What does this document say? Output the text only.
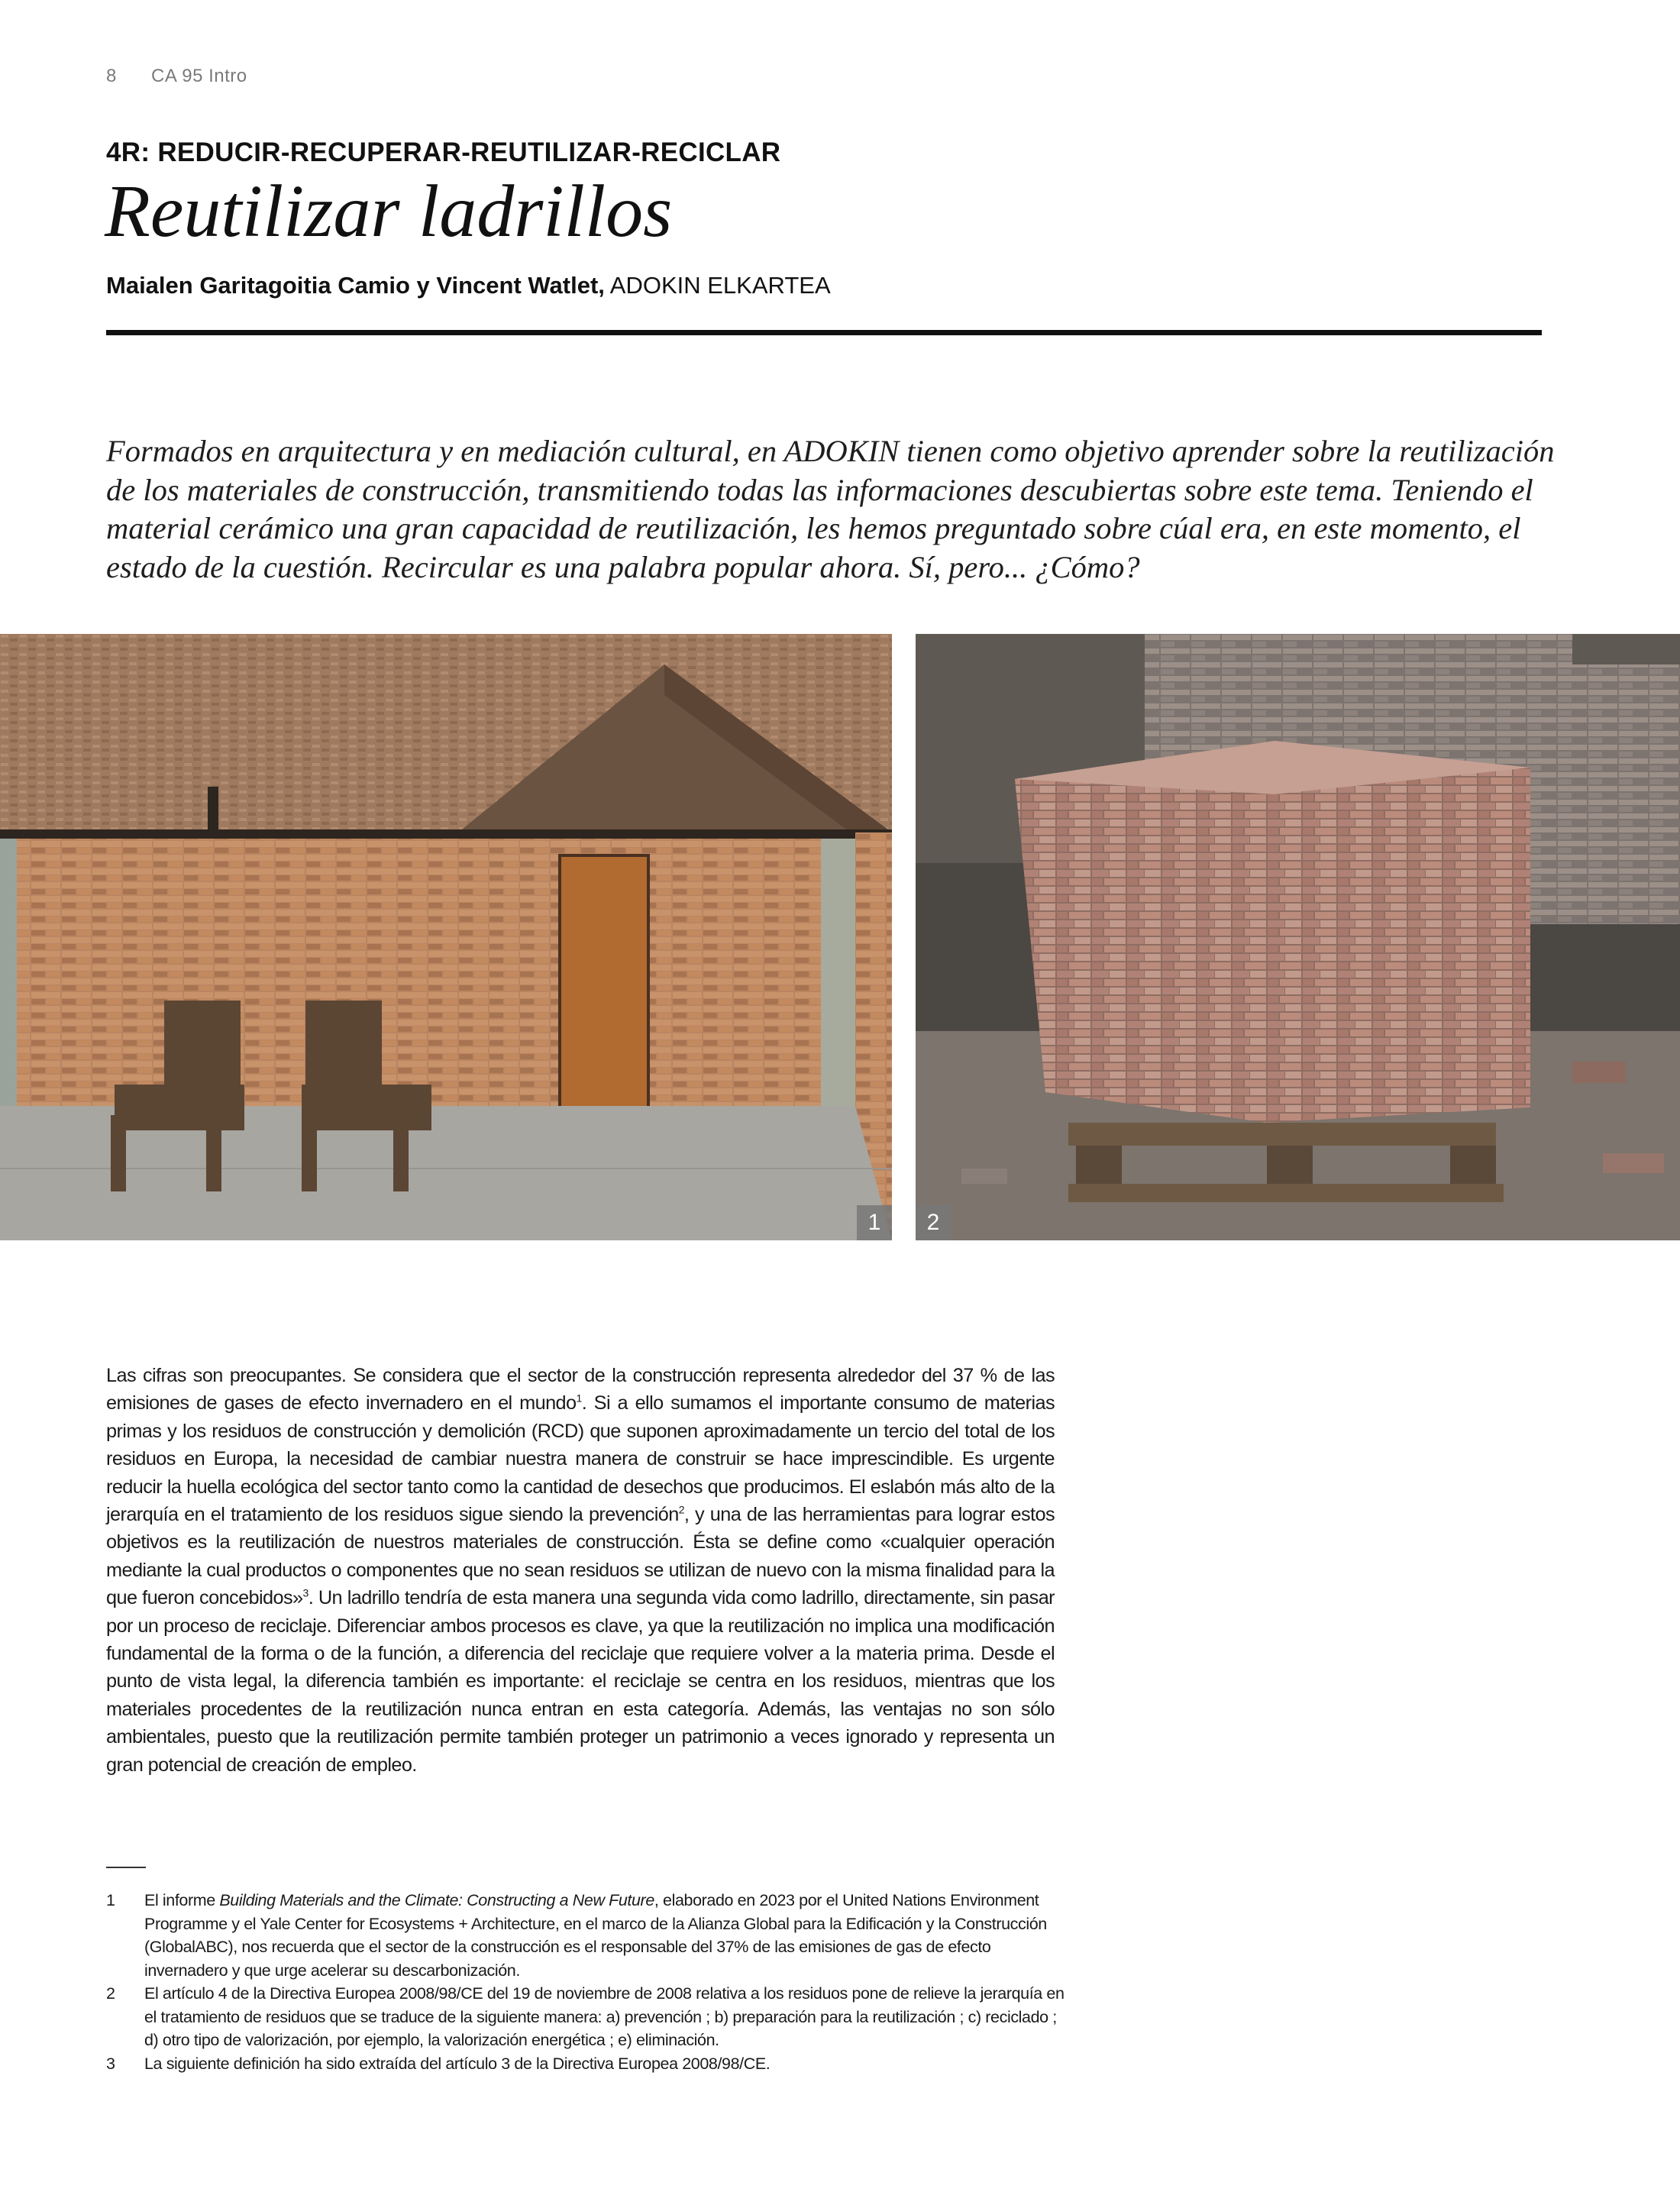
8 CA 95 Intro
4R: REDUCIR-RECUPERAR-REUTILIZAR-RECICLAR
Reutilizar ladrillos
Maialen Garitagoitia Camio y Vincent Watlet, ADOKIN ELKARTEA
Formados en arquitectura y en mediación cultural, en ADOKIN tienen como objetivo aprender sobre la reutilización de los materiales de construcción, transmitiendo todas las informaciones descubiertas sobre este tema. Teniendo el material cerámico una gran capacidad de reutilización, les hemos preguntado sobre cúal era, en este momento, el estado de la cuestión. Recircular es una palabra popular ahora. Sí, pero... ¿Cómo?
1	2
Las cifras son preocupantes. Se considera que el sector de la construcción representa alrededor del 37 % de las emisiones de gases de efecto invernadero en el mundo$^1$. Si a ello sumamos el importante consumo de materias primas y los residuos de construcción y demolición (RCD) que suponen aproximadamente un tercio del total de los residuos en Europa, la necesidad de cambiar nuestra manera de construir se hace imprescindible. Es urgente reducir la huella ecológica del sector tanto como la cantidad de desechos que producimos. El eslabón más alto de la jerarquía en el tratamiento de los residuos sigue siendo la prevención$^2$, y una de las herramientas para lograr estos objetivos es la reutilización de nuestros materiales de construcción. Ésta se define como «cualquier operación mediante la cual productos o componentes que no sean residuos se utilizan de nuevo con la misma finalidad para la que fueron concebidos»$^3$. Un ladrillo tendría de esta manera una segunda vida como ladrillo, directamente, sin pasar por un proceso de reciclaje. Diferenciar ambos procesos es clave, ya que la reutilización no implica una modificación fundamental de la forma o de la función, a diferencia del reciclaje que requiere volver a la materia prima. Desde el punto de vista legal, la diferencia también es importante: el reciclaje se centra en los residuos, mientras que los materiales procedentes de la reutilización nunca entran en esta categoría. Además, las ventajas no son sólo ambientales, puesto que la reutilización permite también proteger un patrimonio a veces ignorado y representa un gran potencial de creación de empleo.
1	El informe Building Materials and the Climate: Constructing a New Future, elaborado en 2023 por el United Nations Environment Programme y el Yale Center for Ecosystems + Architecture, en el marco de la Alianza Global para la Edificación y la Construcción (GlobalABC), nos recuerda que el sector de la construcción es el responsable del 37% de las emisiones de gas de efecto invernadero y que urge acelerar su descarbonización.
2	El artículo 4 de la Directiva Europea 2008/98/CE del 19 de noviembre de 2008 relativa a los residuos pone de relieve la jerarquía en el tratamiento de residuos que se traduce de la siguiente manera: a) prevención ; b) preparación para la reutilización ; c) reciclado ; d) otro tipo de valorización, por ejemplo, la valorización energética ; e) eliminación.
3	La siguiente definición ha sido extraída del artículo 3 de la Directiva Europea 2008/98/CE.
